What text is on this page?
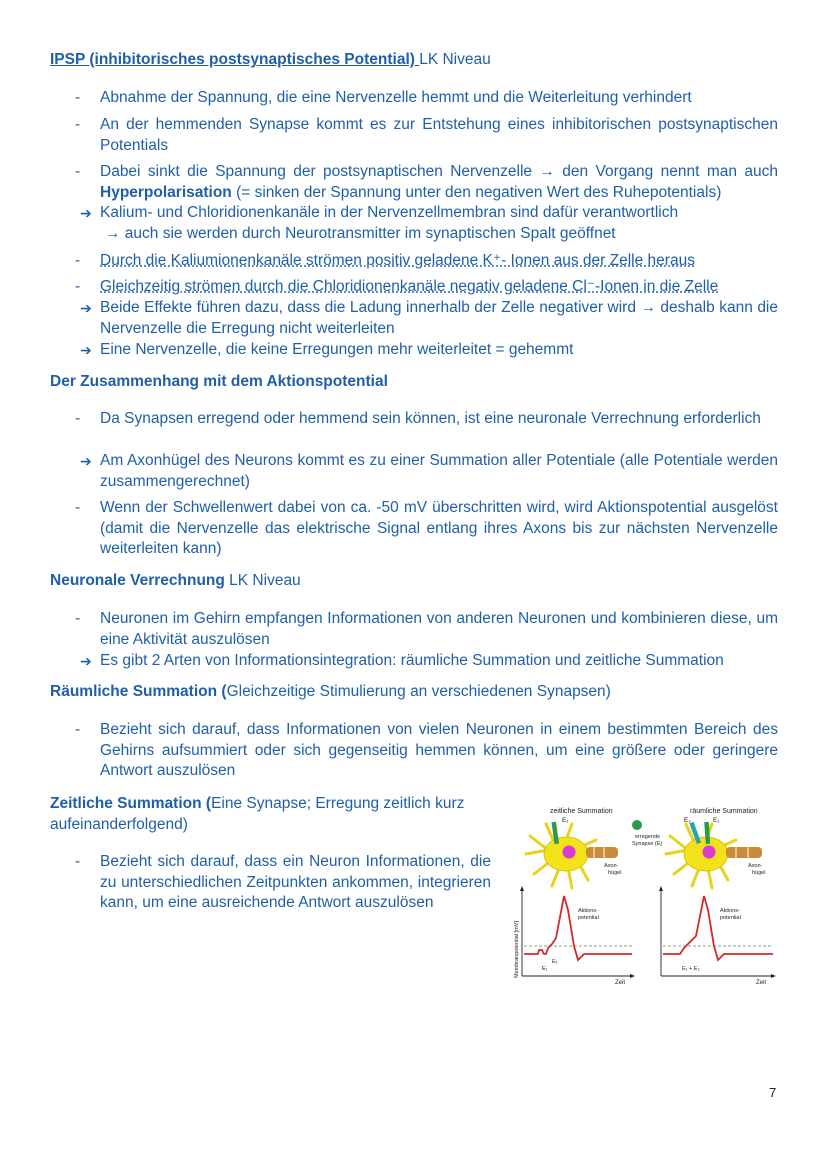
IPSP (inhibitorisches postsynaptisches Potential) LK Niveau
-	Abnahme der Spannung, die eine Nervenzelle hemmt und die Weiterleitung verhindert
-	An der hemmenden Synapse kommt es zur Entstehung eines inhibitorischen postsynaptischen Potentials
-	Dabei sinkt die Spannung der postsynaptischen Nervenzelle → den Vorgang nennt man auch Hyperpolarisation (= sinken der Spannung unter den negativen Wert des Ruhepotentials)
➔ Kalium- und Chloridionenkanäle in der Nervenzellmembran sind dafür verantwortlich
→ auch sie werden durch Neurotransmitter im synaptischen Spalt geöffnet
-	Durch die Kaliumionenkanäle strömen positiv geladene K⁺- Ionen aus der Zelle heraus
-	Gleichzeitig strömen durch die Chloridionenkanäle negativ geladene Cl⁻-Ionen in die Zelle
➔ Beide Effekte führen dazu, dass die Ladung innerhalb der Zelle negativer wird → deshalb kann die Nervenzelle die Erregung nicht weiterleiten
➔ Eine Nervenzelle, die keine Erregungen mehr weiterleitet = gehemmt
Der Zusammenhang mit dem Aktionspotential
-	Da Synapsen erregend oder hemmend sein können, ist eine neuronale Verrechnung erforderlich
➔ Am Axonhügel des Neurons kommt es zu einer Summation aller Potentiale (alle Potentiale werden zusammengerechnet)
-	Wenn der Schwellenwert dabei von ca. -50 mV überschritten wird, wird Aktionspotential ausgelöst (damit die Nervenzelle das elektrische Signal entlang ihres Axons bis zur nächsten Nervenzelle weiterleiten kann)
Neuronale Verrechnung LK Niveau
-	Neuronen im Gehirn empfangen Informationen von anderen Neuronen und kombinieren diese, um eine Aktivität auszulösen
➔ Es gibt 2 Arten von Informationsintegration: räumliche Summation und zeitliche Summation
Räumliche Summation (Gleichzeitige Stimulierung an verschiedenen Synapsen)
-	Bezieht sich darauf, dass Informationen von vielen Neuronen in einem bestimmten Bereich des Gehirns aufsummiert oder sich gegenseitig hemmen können, um eine größere oder geringere Antwort auszulösen
Zeitliche Summation (Eine Synapse; Erregung zeitlich kurz aufeinanderfolgend)
-	Bezieht sich darauf, dass ein Neuron Informationen, die zu unterschiedlichen Zeitpunkten ankommen, integrieren kann, um eine ausreichende Antwort auszulösen
zeitliche Summation
E₁
Axon-
hügel
erregende
Synapse (E)
Aktions-
potential
Membranpotential [mV]
Zeit
E₁
E₁
räumliche Summation
E₂	E₁
Axon-
hügel
Aktions-
potential
Zeit
E₁ + E₂
7
